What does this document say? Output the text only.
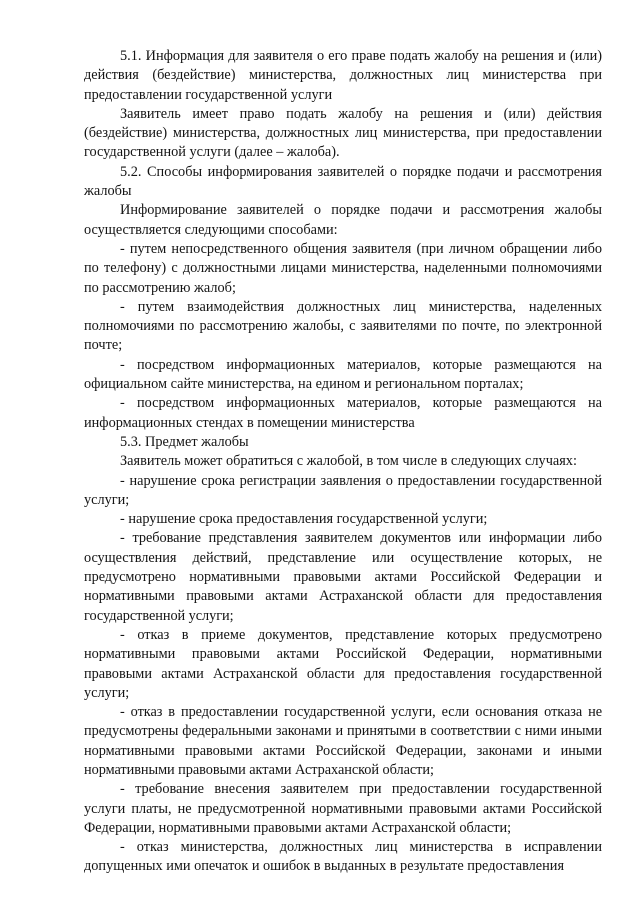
5.1. Информация для заявителя о его праве подать жалобу на решения и (или) действия (бездействие) министерства, должностных лиц министерства при предоставлении государственной услуги

Заявитель имеет право подать жалобу на решения и (или) действия (бездействие) министерства, должностных лиц министерства, при предоставлении государственной услуги (далее – жалоба).

5.2. Способы информирования заявителей о порядке подачи и рассмотрения жалобы

Информирование заявителей о порядке подачи и рассмотрения жалобы осуществляется следующими способами:

- путем непосредственного общения заявителя (при личном обращении либо по телефону) с должностными лицами министерства, наделенными полномочиями по рассмотрению жалоб;

- путем взаимодействия должностных лиц министерства, наделенных полномочиями по рассмотрению жалобы, с заявителями по почте, по электронной почте;

- посредством информационных материалов, которые размещаются на официальном сайте министерства, на едином и региональном порталах;

- посредством информационных материалов, которые размещаются на информационных стендах в помещении министерства

5.3. Предмет жалобы

Заявитель может обратиться с жалобой, в том числе в следующих случаях:

- нарушение срока регистрации заявления о предоставлении государственной услуги;

- нарушение срока предоставления государственной услуги;

- требование представления заявителем документов или информации либо осуществления действий, представление или осуществление которых, не предусмотрено нормативными правовыми актами Российской Федерации и нормативными правовыми актами Астраханской области для предоставления государственной услуги;

- отказ в приеме документов, представление которых предусмотрено нормативными правовыми актами Российской Федерации, нормативными правовыми актами Астраханской области для предоставления государственной услуги;

- отказ в предоставлении государственной услуги, если основания отказа не предусмотрены федеральными законами и принятыми в соответствии с ними иными нормативными правовыми актами Российской Федерации, законами и иными нормативными правовыми актами Астраханской области;

- требование внесения заявителем при предоставлении государственной услуги платы, не предусмотренной нормативными правовыми актами Российской Федерации, нормативными правовыми актами Астраханской области;

- отказ министерства, должностных лиц министерства в исправлении допущенных ими опечаток и ошибок в выданных в результате предоставления
